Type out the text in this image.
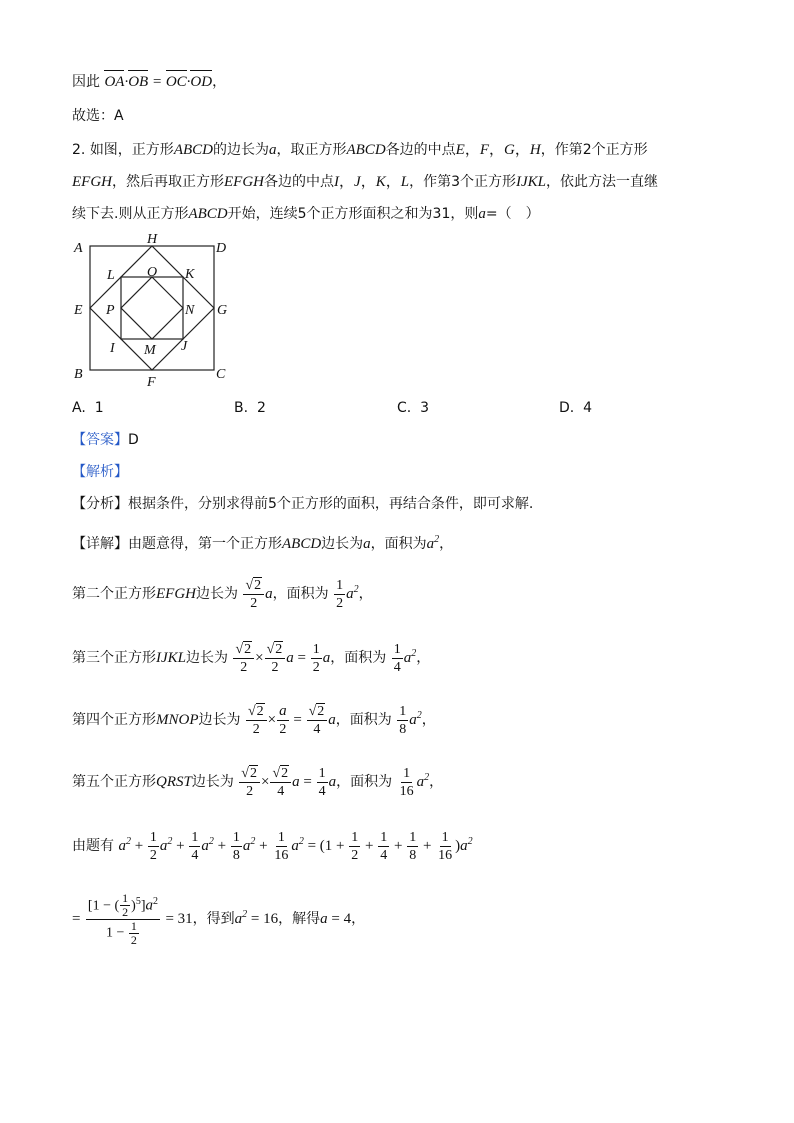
因此 OA·OB = OC·OD，
故选：A
2. 如图，正方形ABCD的边长为a，取正方形ABCD各边的中点E，F，G，H，作第2个正方形
EFGH，然后再取正方形EFGH各边的中点I，J，K，L，作第3个正方形IJKL，依此方法一直继
续下去.则从正方形ABCD开始，连续5个正方形面积之和为31，则a=（　）
A
B	C
D
E
F
G
H
I	J
K
L
M
N
O
P
A. 1	B. 2	C. 3	D. 4
【答案】D
【解析】
【分析】根据条件，分别求得前5个正方形的面积，再结合条件，即可求解.
【详解】由题意得，第一个正方形ABCD边长为a，面积为$a^2$，
第二个正方形EFGH边长为 $\frac{√2}{2}$ a，面积为 $\frac{1}{2} a^2$，
第三个正方形IJKL边长为 $\frac{√2}{2} \times \frac{√2}{2}$ $a = \frac{1}{2}$ a，面积为 $\frac{1}{4} a^2$，
第四个正方形MNOP边长为 $\frac{√2}{2} \times \frac{a}{2} = \frac{√2}{4}$ a，面积为 $\frac{1}{8} a^2$，
第五个正方形QRST边长为 $\frac{√2}{2} \times \frac{√2}{4}$ $a = \frac{1}{4}$ a，面积为 $\frac{1}{16} a^2$，
由题有 $a^2 + \frac{1}{2} a^2 + \frac{1}{4} a^2 + \frac{1}{8} a^2 + \frac{1}{16} a^2 = (1 + \frac{1}{2} + \frac{1}{4} + \frac{1}{8} + \frac{1}{16} )a^2$
= $\frac{[1 - ( \frac{1}{2} )^5]a^2}{1 - \frac{1}{2}} = 31$，得到$a^2 = 16$，解得a = 4，
